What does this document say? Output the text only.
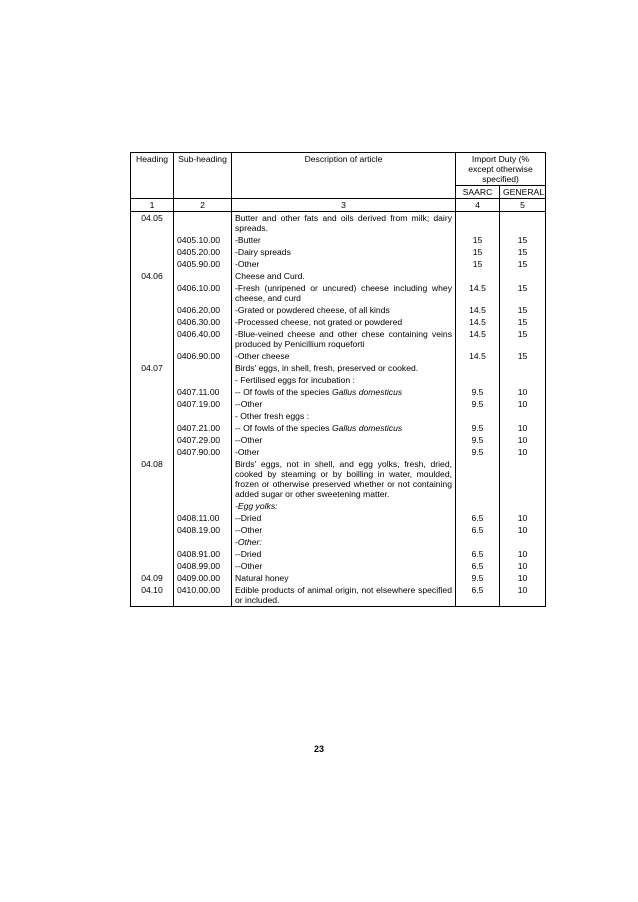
Heading	Sub-heading	Description of article	Import Duty (% except otherwise specified)	
			SAARC	GENERAL
1	2	3	4	5
04.05		Butter and other fats and oils derived from milk; dairy spreads.		
	0405.10.00	-Butter	15	15
	0405.20.00	-Dairy spreads	15	15
	0405.90.00	-Other	15	15
04.06		Cheese and Curd.		
	0406.10.00	-Fresh (unripened or uncured) cheese including whey cheese, and curd	14.5	15
	0406.20.00	-Grated or powdered cheese, of all kinds	14.5	15
	0406.30.00	-Processed cheese, not grated or powdered	14.5	15
	0406.40.00	-Blue-veined cheese and other chese containing veins produced by Penicillium roqueforti	14.5	15
	0406.90.00	-Other cheese	14.5	15
04.07		Birds' eggs, in shell, fresh, preserved or cooked.		
		- Fertilised eggs for incubation :		
	0407.11.00	-- Of fowls of the species Gallus domesticus	9.5	10
	0407.19.00	--Other	9.5	10
		- Other fresh eggs :		
	0407.21.00	-- Of fowls of the species Gallus domesticus	9.5	10
	0407.29.00	--Other	9.5	10
	0407.90.00	-Other	9.5	10
04.08		Birds' eggs, not in shell, and egg yolks, fresh, dried, cooked by steaming or by boilling in water, moulded, frozen or otherwise preserved whether or not containing added sugar or other sweetening matter.		
		-Egg yolks:		
	0408.11.00	--Dried	6.5	10
	0408.19.00	--Other	6.5	10
		-Other:		
	0408.91.00	--Dried	6.5	10
	0408.99.00	--Other	6.5	10
04.09	0409.00.00	Natural honey	9.5	10
04.10	0410.00.00	Edible products of animal origin, not elsewhere specified or included.	6.5	10
23
